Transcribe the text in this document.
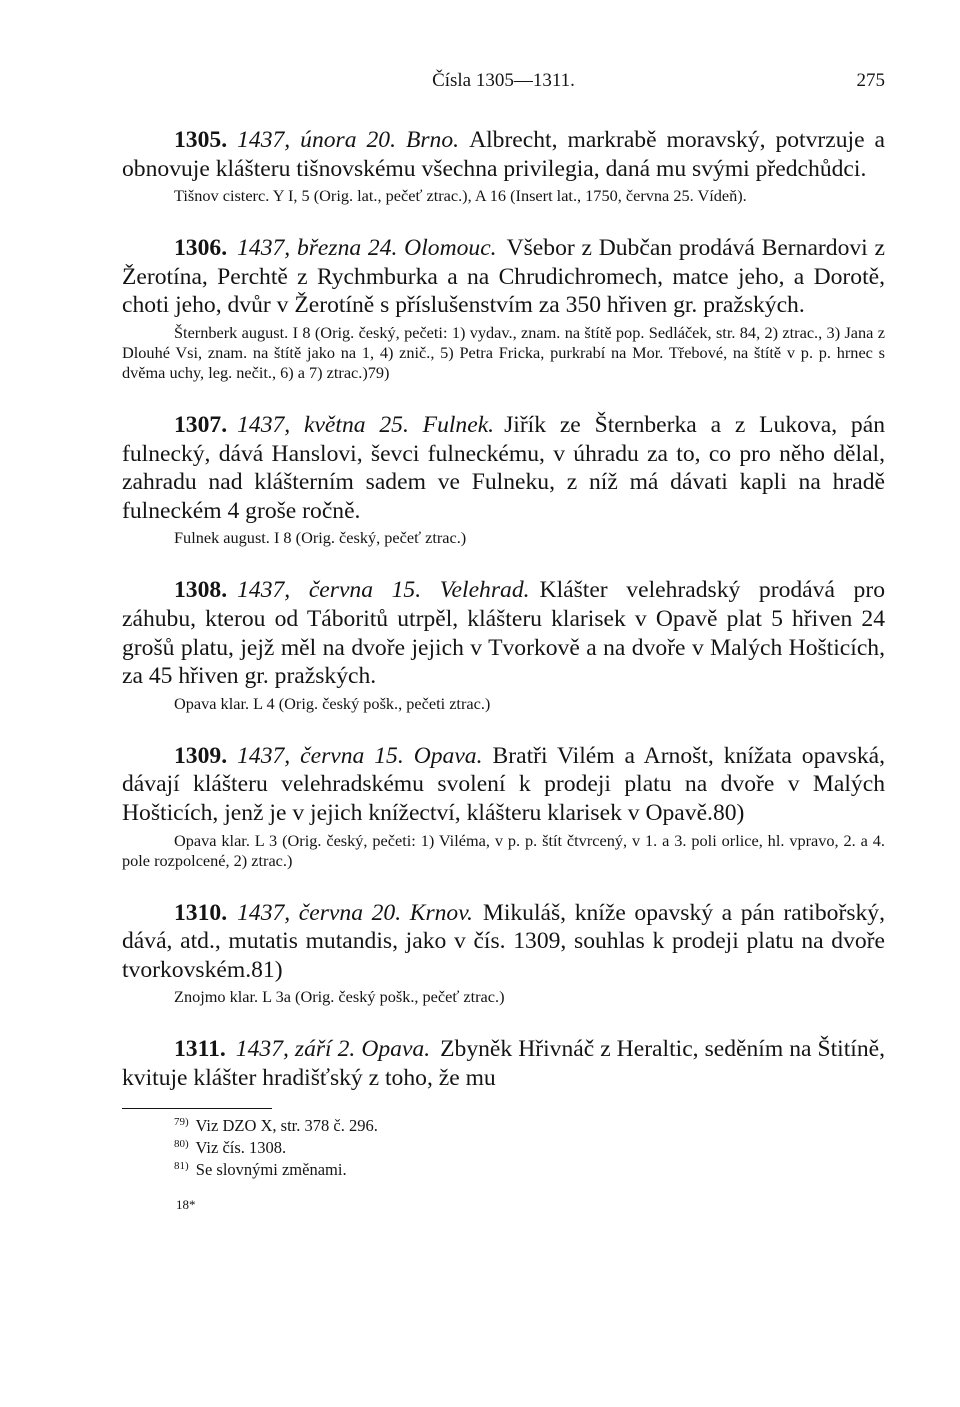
Čísla 1305—1311.	275

1305. 1437, února 20. Brno. Albrecht, markrabě moravský, potvrzuje a obnovuje klášteru tišnovskému všechna privilegia, daná mu svými předchůdci.

Tišnov cisterc. Y I, 5 (Orig. lat., pečeť ztrac.), A 16 (Insert lat., 1750, června 25. Vídeň).

1306. 1437, března 24. Olomouc. Všebor z Dubčan prodává Bernardovi z Žerotína, Perchtě z Rychmburka a na Chrudichromech, matce jeho, a Dorotě, choti jeho, dvůr v Žerotíně s příslušenstvím za 350 hřiven gr. pražských.

Šternberk august. I 8 (Orig. český, pečeti: 1) vydav., znam. na štítě pop. Sedláček, str. 84, 2) ztrac., 3) Jana z Dlouhé Vsi, znam. na štítě jako na 1, 4) znič., 5) Petra Fricka, purkrabí na Mor. Třebové, na štítě v p. p. hrnec s dvěma uchy, leg. nečit., 6) a 7) ztrac.)79)

1307. 1437, května 25. Fulnek. Jiřík ze Šternberka a z Lukova, pán fulnecký, dává Hanslovi, ševci fulneckému, v úhradu za to, co pro něho dělal, zahradu nad klášterním sadem ve Fulneku, z níž má dávati kapli na hradě fulneckém 4 groše ročně.

Fulnek august. I 8 (Orig. český, pečeť ztrac.)

1308. 1437, června 15. Velehrad. Klášter velehradský prodává pro záhubu, kterou od Táboritů utrpěl, klášteru klarisek v Opavě plat 5 hřiven 24 grošů platu, jejž měl na dvoře jejich v Tvorkově a na dvoře v Malých Hošticích, za 45 hřiven gr. pražských.

Opava klar. L 4 (Orig. český pošk., pečeti ztrac.)

1309. 1437, června 15. Opava. Bratři Vilém a Arnošt, knížata opavská, dávají klášteru velehradskému svolení k prodeji platu na dvoře v Malých Hošticích, jenž je v jejich knížectví, klášteru klarisek v Opavě.80)

Opava klar. L 3 (Orig. český, pečeti: 1) Viléma, v p. p. štít čtvrcený, v 1. a 3. poli orlice, hl. vpravo, 2. a 4. pole rozpolcené, 2) ztrac.)

1310. 1437, června 20. Krnov. Mikuláš, kníže opavský a pán ratibořský, dává, atd., mutatis mutandis, jako v čís. 1309, souhlas k prodeji platu na dvoře tvorkovském.81)

Znojmo klar. L 3a (Orig. český pošk., pečeť ztrac.)

1311. 1437, září 2. Opava. Zbyněk Hřivnáč z Heraltic, seděním na Štitíně, kvituje klášter hradišťský z toho, že mu

$^{79)}$ Viz DZO X, str. 378 č. 296.
$^{80)}$ Viz čís. 1308.
$^{81)}$ Se slovnými změnami.
18*
